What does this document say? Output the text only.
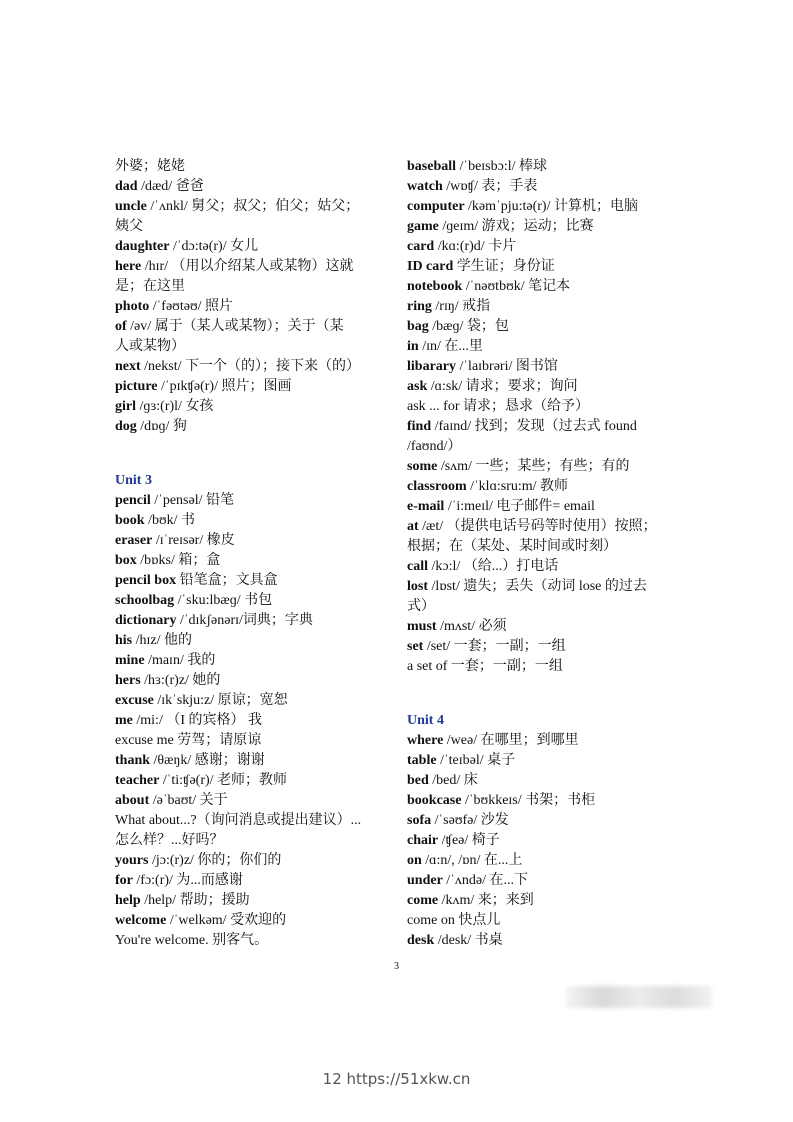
外婆；姥姥
dad /dæd/ 爸爸
uncle /ˈʌnkl/ 舅父；叔父；伯父；姑父；
姨父
daughter /ˈdɔ:tə(r)/ 女儿
here /hɪr/ （用以介绍某人或某物）这就
是；在这里
photo /ˈfəʊtəʊ/ 照片
of /əv/ 属于（某人或某物）；关于（某
人或某物）
next /nekst/ 下一个（的）；接下来（的）
picture /ˈpɪkʧə(r)/ 照片；图画
girl /ɡɜ:(r)l/ 女孩
dog /dɒɡ/ 狗
Unit 3
pencil /ˈpensəl/ 铅笔
book /bʊk/ 书
eraser /ɪˈreɪsər/ 橡皮
box /bɒks/ 箱；盒
pencil box 铅笔盒；文具盒
schoolbag /ˈsku:lbæɡ/ 书包
dictionary /ˈdɪkʃənərɪ/词典；字典
his /hɪz/ 他的
mine /maɪn/ 我的
hers /hɜ:(r)z/ 她的
excuse /ɪkˈskju:z/ 原谅；宽恕
me /mi:/ （I 的宾格） 我
excuse me 劳驾；请原谅
thank /θæŋk/ 感谢；谢谢
teacher /ˈti:ʧə(r)/ 老师；教师
about /əˈbaʊt/ 关于
What about...?（询问消息或提出建议）...
怎么样？...好吗？
yours /jɔ:(r)z/ 你的；你们的
for /fɔ:(r)/ 为...而感谢
help /help/ 帮助；援助
welcome /ˈwelkəm/ 受欢迎的
You're welcome. 别客气。
baseball /ˈbeɪsbɔ:l/ 棒球
watch /wɒʧ/ 表；手表
computer /kəmˈpju:tə(r)/ 计算机；电脑
game /ɡeɪm/ 游戏；运动；比赛
card /kɑ:(r)d/ 卡片
ID card 学生证；身份证
notebook /ˈnəʊtbʊk/ 笔记本
ring /rɪŋ/ 戒指
bag /bæɡ/ 袋；包
in /ɪn/ 在...里
libarary /ˈlaɪbrəri/ 图书馆
ask /ɑ:sk/ 请求；要求；询问
ask ... for 请求；恳求（给予）
find /faɪnd/ 找到；发现（过去式 found
/faʊnd/）
some /sʌm/ 一些；某些；有些；有的
classroom /ˈklɑ:sru:m/ 教师
e-mail /ˈi:meɪl/ 电子邮件= email
at /æt/ （提供电话号码等时使用）按照；
根据；在（某处、某时间或时刻）
call /kɔ:l/ （给...）打电话
lost /lɒst/ 遗失；丢失（动词 lose 的过去
式）
must /mʌst/ 必须
set /set/ 一套；一副；一组
a set of 一套；一副；一组
Unit 4
where /weə/ 在哪里；到哪里
table /ˈteɪbəl/ 桌子
bed /bed/ 床
bookcase /ˈbʊkkeɪs/ 书架；书柜
sofa /ˈsəʊfə/ 沙发
chair /ʧeə/ 椅子
on /ɑ:n/, /ɒn/ 在...上
under /ˈʌndə/ 在...下
come /kʌm/ 来；来到
come on 快点儿
desk /desk/ 书桌
3
12 https://51xkw.cn
